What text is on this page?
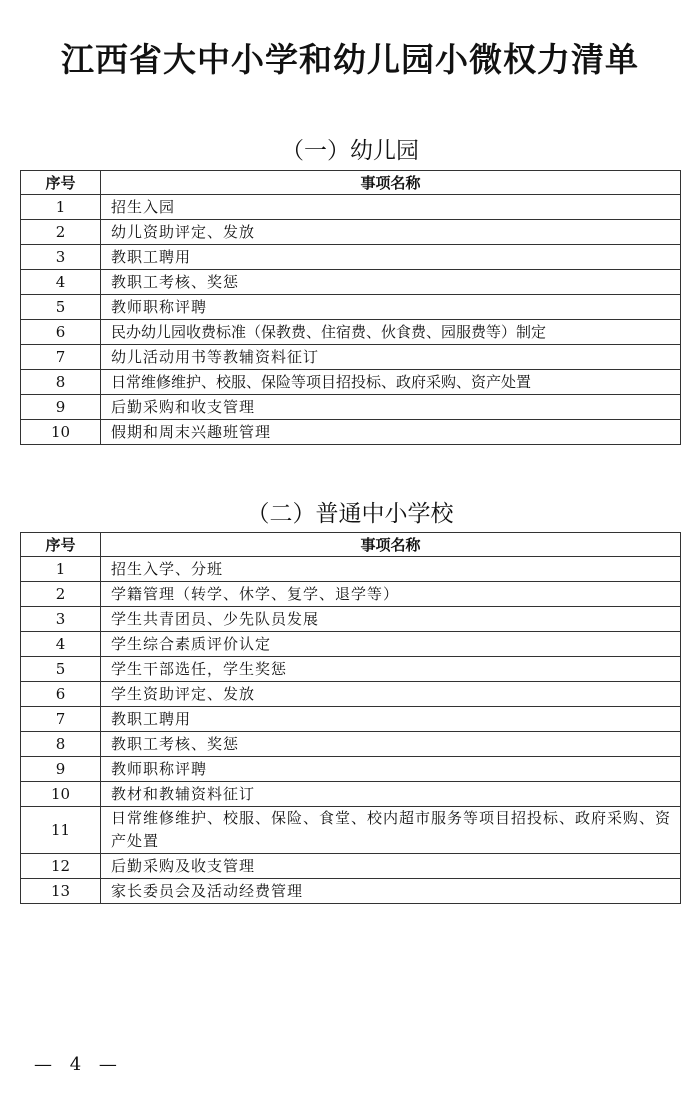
江西省大中小学和幼儿园小微权力清单
（一）幼儿园
序号	事项名称
1	招生入园
2	幼儿资助评定、发放
3	教职工聘用
4	教职工考核、奖惩
5	教师职称评聘
6	民办幼儿园收费标准（保教费、住宿费、伙食费、园服费等）制定
7	幼儿活动用书等教辅资料征订
8	日常维修维护、校服、保险等项目招投标、政府采购、资产处置
9	后勤采购和收支管理
10	假期和周末兴趣班管理
（二）普通中小学校
序号	事项名称
1	招生入学、分班
2	学籍管理（转学、休学、复学、退学等）
3	学生共青团员、少先队员发展
4	学生综合素质评价认定
5	学生干部选任，学生奖惩
6	学生资助评定、发放
7	教职工聘用
8	教职工考核、奖惩
9	教师职称评聘
10	教材和教辅资料征订
11	日常维修维护、校服、保险、食堂、校内超市服务等项目招投标、政府采购、资产处置
12	后勤采购及收支管理
13	家长委员会及活动经费管理
— 4 —
